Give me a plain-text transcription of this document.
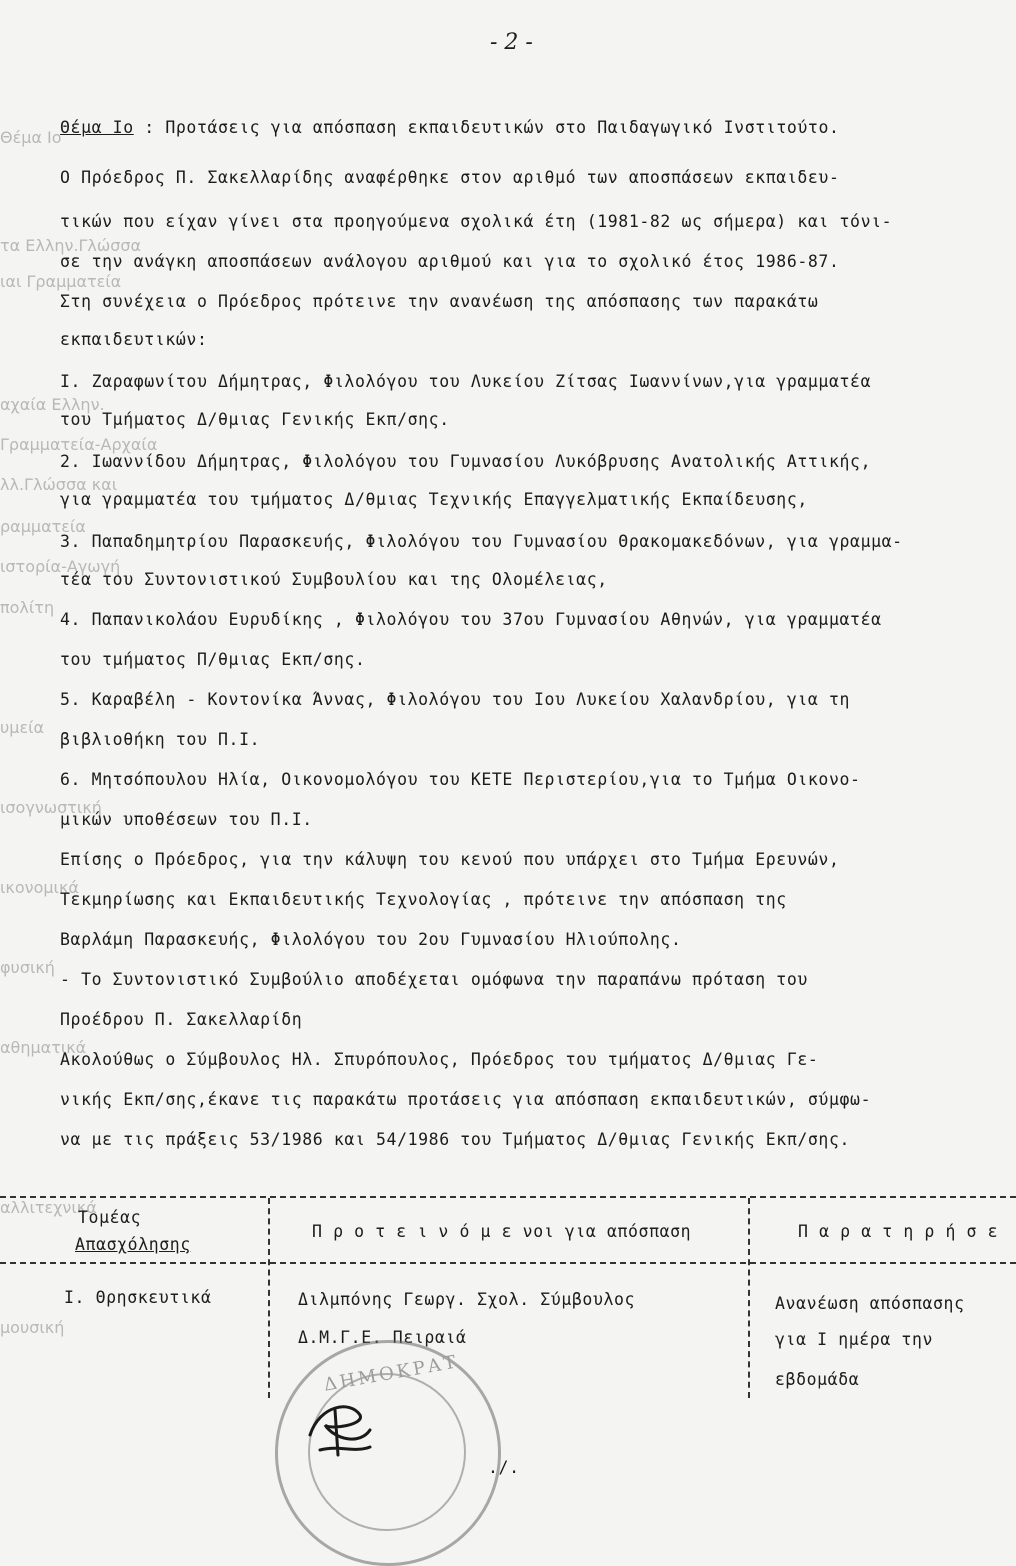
Θέμα Ιο
τα Ελλην.Γλώσσα
ιαι Γραμματεία
αχαία Ελλην.
Γραμματεία-Αρχαία
λλ.Γλώσσα και
ραμματεία
ιστορία-Αγωγή
πολίτη
υμεία
ισογνωστική
ικονομικά
φυσική
αθηματικά
αλλιτεχνικά
μουσική
- 2 -
Θέμα Ιο : Προτάσεις για απόσπαση εκπαιδευτικών στο Παιδαγωγικό Ινστιτούτο.
Ο Πρόεδρος Π. Σακελλαρίδης αναφέρθηκε στον αριθμό των αποσπάσεων εκπαιδευ-
τικών που είχαν γίνει στα προηγούμενα σχολικά έτη (1981-82 ως σήμερα) και τόνι-
σε την ανάγκη αποσπάσεων ανάλογου αριθμού και για το σχολικό έτος 1986-87.
Στη συνέχεια ο Πρόεδρος πρότεινε την ανανέωση της απόσπασης των παρακάτω
εκπαιδευτικών:
I. Ζαραφωνίτου Δήμητρας, Φιλολόγου του Λυκείου Ζίτσας Ιωαννίνων,για γραμματέα
του Τμήματος Δ/θμιας Γενικής Εκπ/σης.
2. Ιωαννίδου Δήμητρας, Φιλολόγου του Γυμνασίου Λυκόβρυσης Ανατολικής Αττικής,
για γραμματέα του τμήματος Δ/θμιας Τεχνικής Επαγγελματικής Εκπαίδευσης,
3. Παπαδημητρίου Παρασκευής, Φιλολόγου του Γυμνασίου Θρακομακεδόνων, για γραμμα-
τέα του Συντονιστικού Συμβουλίου και της Ολομέλειας,
4. Παπανικολάου Ευρυδίκης , Φιλολόγου του 37ου Γυμνασίου Αθηνών, για γραμματέα
του τμήματος Π/θμιας Εκπ/σης.
5. Καραβέλη - Κοντονίκα Άννας, Φιλολόγου του Ιου Λυκείου Χαλανδρίου, για τη
βιβλιοθήκη του Π.Ι.
6. Μητσόπουλου Ηλία, Οικονομολόγου του ΚΕΤΕ Περιστερίου,για το Τμήμα Οικονο-
μικών υποθέσεων του Π.Ι.
Επίσης ο Πρόεδρος, για την κάλυψη του κενού που υπάρχει στο Τμήμα Ερευνών,
Τεκμηρίωσης και Εκπαιδευτικής Τεχνολογίας , πρότεινε την απόσπαση της
Βαρλάμη Παρασκευής, Φιλολόγου του 2ου Γυμνασίου Ηλιούπολης.
- Το Συντονιστικό Συμβούλιο αποδέχεται ομόφωνα την παραπάνω πρόταση του
Προέδρου Π. Σακελλαρίδη
Ακολούθως ο Σύμβουλος Ηλ. Σπυρόπουλος, Πρόεδρος του τμήματος Δ/θμιας Γε-
νικής Εκπ/σης,έκανε τις παρακάτω προτάσεις για απόσπαση εκπαιδευτικών, σύμφω-
να με τις πράξεις 53/1986 και 54/1986 του Τμήματος Δ/θμιας Γενικής Εκπ/σης.
Τομέας
Απασχόλησης
Π ρ ο τ ε ι ν ό μ ε νοι για απόσπαση	Π α ρ α τ η ρ ή σ ε
Ι. Θρησκευτικά	Διλμπόνης Γεωργ. Σχολ. Σύμβουλος
Δ.Μ.Γ.Ε. Πειραιά
Ανανέωση απόσπασης
για Ι ημέρα την
εβδομάδα
ΔΗΜΟΚΡΑΤ
./.
